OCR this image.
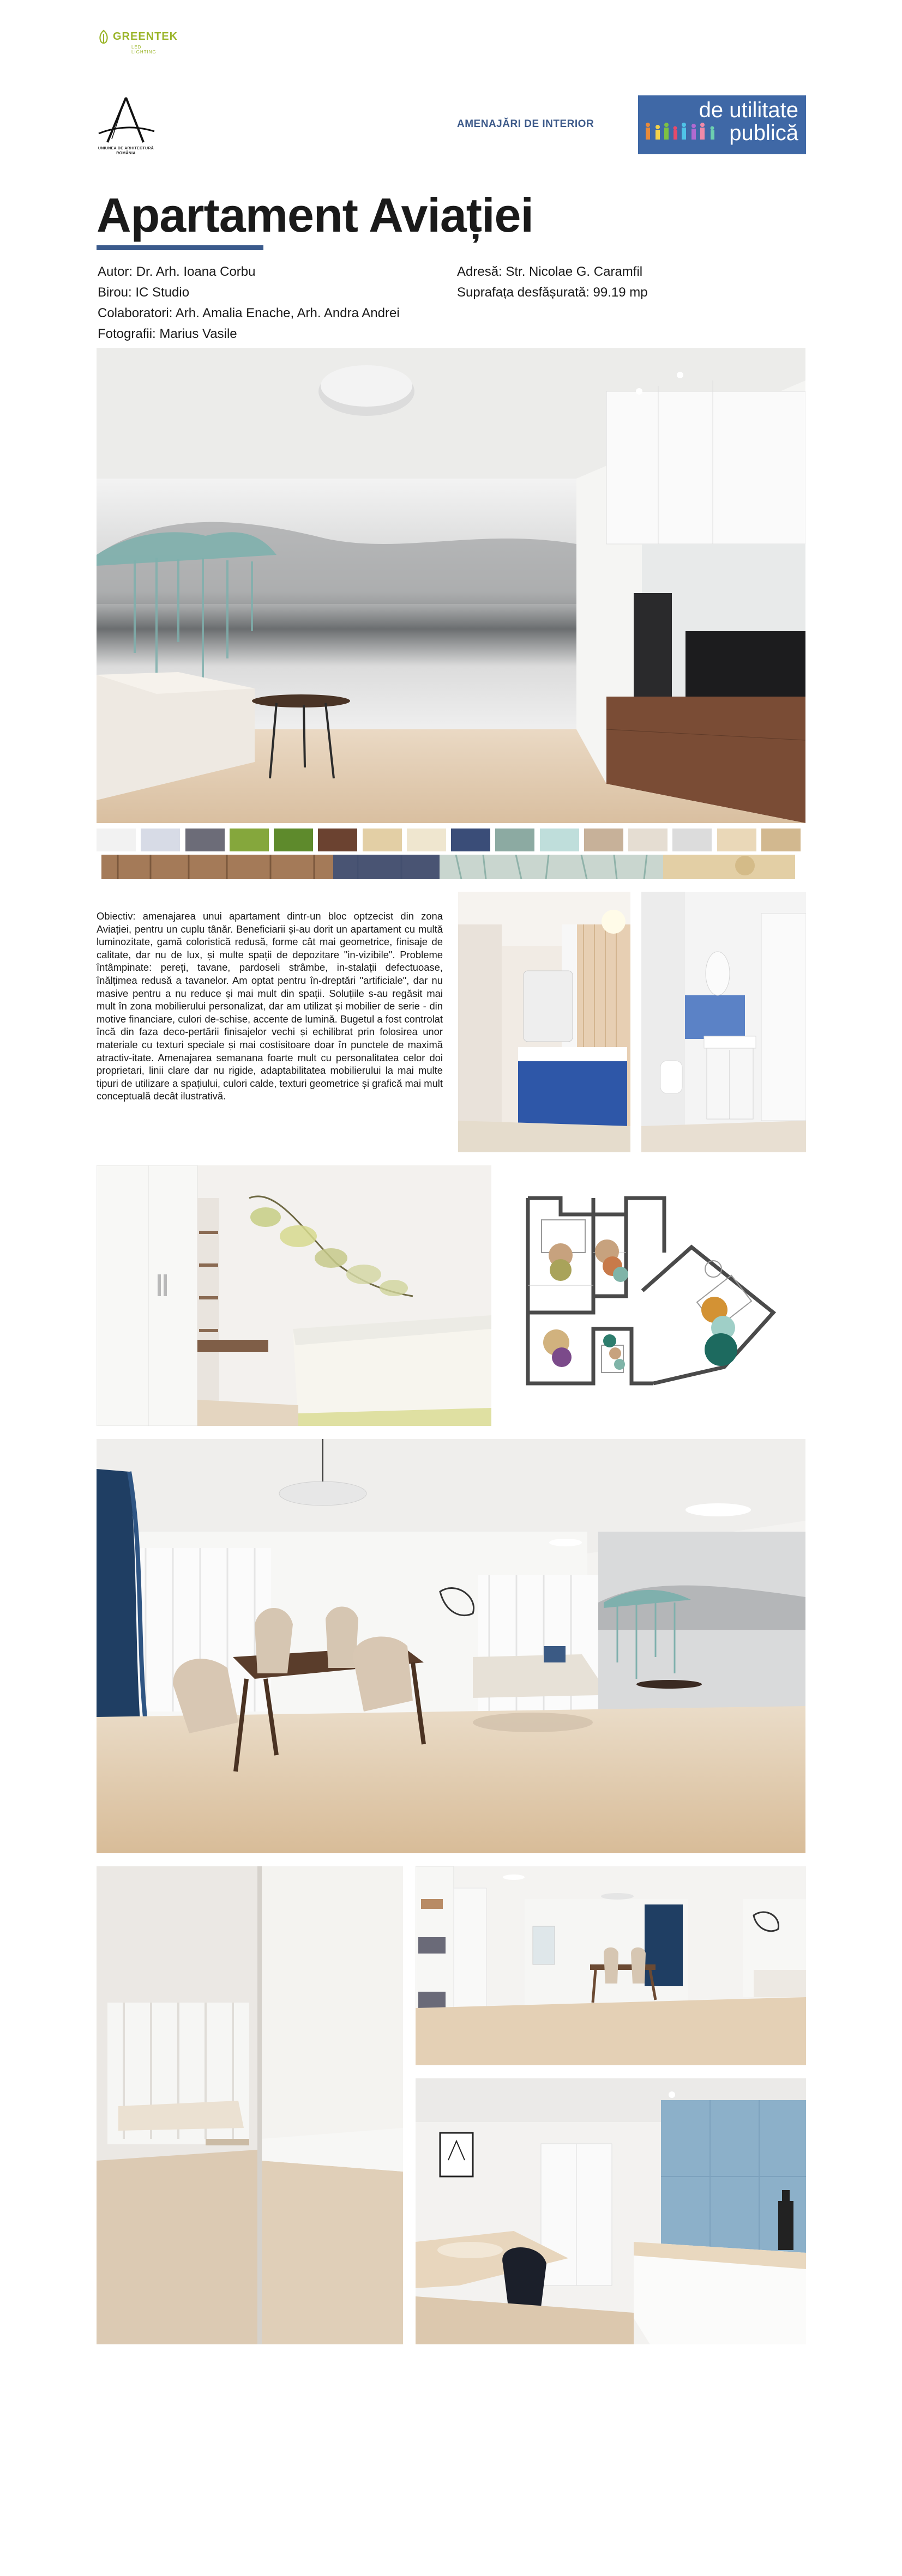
GREENTEK
LED LIGHTING
UNIUNEA DE ARHITECTURĂ ROMÂNIA
AMENAJĂRI DE INTERIOR
de utilitate
publică
Apartament Aviației
Autor: Dr. Arh. Ioana Corbu
Birou: IC Studio
Colaboratori: Arh. Amalia Enache, Arh. Andra Andrei
Fotografii: Marius Vasile
Adresă: Str. Nicolae G. Caramfil
Suprafața desfășurată: 99.19 mp
Obiectiv: amenajarea unui apartament dintr-un bloc optzecist din zona Aviației, pentru un cuplu tânăr. Beneficiarii și-au dorit un apartament cu multă luminozitate, gamă coloristică redusă, forme cât mai geometrice, finisaje de calitate, dar nu de lux, și multe spații de depozitare "in-vizibile". Probleme întâmpinate: pereți, tavane, pardoseli strâmbe, in-stalații defectuoase, înălțimea redusă a tavanelor. Am optat pentru în-dreptări "artificiale", dar nu masive pentru a nu reduce și mai mult din spații. Soluțiile s-au regăsit mai mult în zona mobilierului personalizat, dar am utilizat și mobilier de serie - din motive financiare, culori de-schise, accente de lumină. Bugetul a fost controlat încă din faza deco-pertării finisajelor vechi și echilibrat prin folosirea unor materiale cu texturi speciale și mai costisitoare doar în punctele de maximă atractiv-itate. Amenajarea semanana foarte mult cu personalitatea celor doi proprietari, linii clare dar nu rigide, adaptabilitatea mobilierului la mai multe tipuri de utilizare a spațiului, culori calde, texturi geometrice și grafică mai mult conceptuală decât ilustrativă.
